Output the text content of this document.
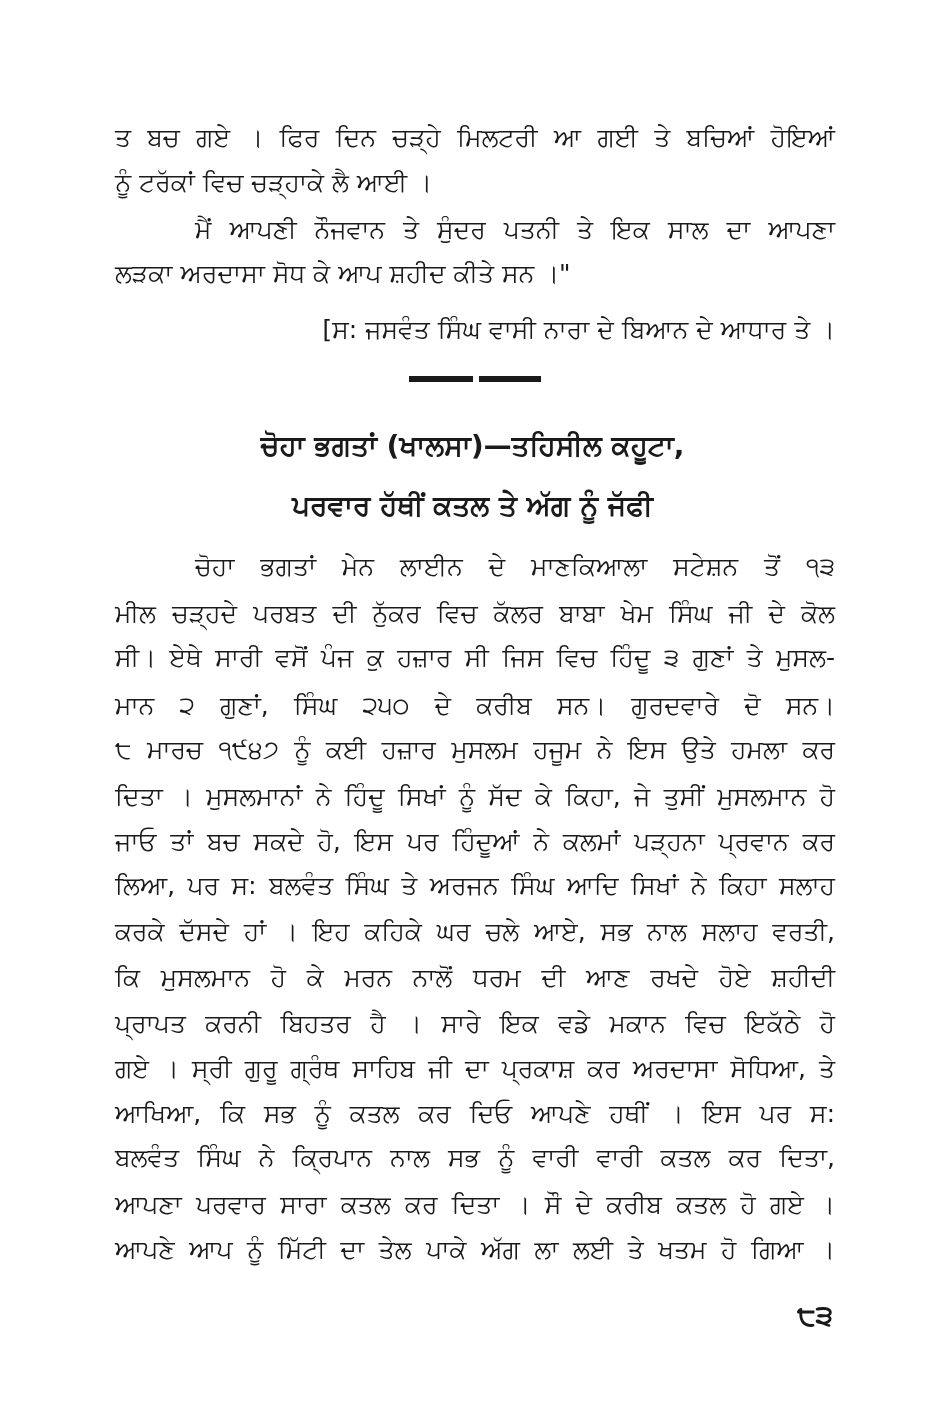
ਤ ਬਚ ਗਏ । ਫਿਰ ਦਿਨ ਚੜ੍ਹੇ ਮਿਲਟਰੀ ਆ ਗਈ ਤੇ ਬਚਿਆਂ ਹੋਇਆਂ
ਨੂੰ ਟਰੱਕਾਂ ਵਿਚ ਚੜ੍ਹਾਕੇ ਲੈ ਆਈ ।
ਮੈਂ ਆਪਣੀ ਨੌਜਵਾਨ ਤੇ ਸੁੰਦਰ ਪਤਨੀ ਤੇ ਇਕ ਸਾਲ ਦਾ ਆਪਣਾ
ਲੜਕਾ ਅਰਦਾਸਾ ਸੋਧ ਕੇ ਆਪ ਸ਼ਹੀਦ ਕੀਤੇ ਸਨ ।"
[ਸ: ਜਸਵੰਤ ਸਿੰਘ ਵਾਸੀ ਨਾਰਾ ਦੇ ਬਿਆਨ ਦੇ ਆਧਾਰ ਤੇ ।
ਚੋਹਾ ਭਗਤਾਂ (ਖਾਲਸਾ)—ਤਹਿਸੀਲ ਕਹੂਟਾ,
ਪਰਵਾਰ ਹੱਥੀਂ ਕਤਲ ਤੇ ਅੱਗ ਨੂੰ ਜੱਫੀ
ਚੋਹਾ ਭਗਤਾਂ ਮੇਨ ਲਾਈਨ ਦੇ ਮਾਣਕਿਆਲਾ ਸਟੇਸ਼ਨ ਤੋਂ ੧੩
ਮੀਲ ਚੜ੍ਹਦੇ ਪਰਬਤ ਦੀ ਨੁੱਕਰ ਵਿਚ ਕੱਲਰ ਬਾਬਾ ਖੇਮ ਸਿੰਘ ਜੀ ਦੇ ਕੋਲ
ਸੀ। ਏਥੇ ਸਾਰੀ ਵਸੋਂ ਪੰਜ ਕੁ ਹਜ਼ਾਰ ਸੀ ਜਿਸ ਵਿਚ ਹਿੰਦੂ ੩ ਗੁਣਾਂ ਤੇ ਮੁਸਲ-
ਮਾਨ ੨ ਗੁਣਾਂ, ਸਿੰਘ ੨੫੦ ਦੇ ਕਰੀਬ ਸਨ। ਗੁਰਦਵਾਰੇ ਦੋ ਸਨ।
੮ ਮਾਰਚ ੧੯੪੭ ਨੂੰ ਕਈ ਹਜ਼ਾਰ ਮੁਸਲਮ ਹਜੂਮ ਨੇ ਇਸ ਉਤੇ ਹਮਲਾ ਕਰ
ਦਿਤਾ । ਮੁਸਲਮਾਨਾਂ ਨੇ ਹਿੰਦੂ ਸਿਖਾਂ ਨੂੰ ਸੱਦ ਕੇ ਕਿਹਾ, ਜੇ ਤੁਸੀਂ ਮੁਸਲਮਾਨ ਹੋ
ਜਾਓ ਤਾਂ ਬਚ ਸਕਦੇ ਹੋ, ਇਸ ਪਰ ਹਿੰਦੂਆਂ ਨੇ ਕਲਮਾਂ ਪੜ੍ਹਨਾ ਪ੍ਰਵਾਨ ਕਰ
ਲਿਆ, ਪਰ ਸ: ਬਲਵੰਤ ਸਿੰਘ ਤੇ ਅਰਜਨ ਸਿੰਘ ਆਦਿ ਸਿਖਾਂ ਨੇ ਕਿਹਾ ਸਲਾਹ
ਕਰਕੇ ਦੱਸਦੇ ਹਾਂ । ਇਹ ਕਹਿਕੇ ਘਰ ਚਲੇ ਆਏ, ਸਭ ਨਾਲ ਸਲਾਹ ਵਰਤੀ,
ਕਿ ਮੁਸਲਮਾਨ ਹੋ ਕੇ ਮਰਨ ਨਾਲੋਂ ਧਰਮ ਦੀ ਆਣ ਰਖਦੇ ਹੋਏ ਸ਼ਹੀਦੀ
ਪ੍ਰਾਪਤ ਕਰਨੀ ਬਿਹਤਰ ਹੈ । ਸਾਰੇ ਇਕ ਵਡੇ ਮਕਾਨ ਵਿਚ ਇਕੱਠੇ ਹੋ
ਗਏ । ਸ੍ਰੀ ਗੁਰੂ ਗ੍ਰੰਥ ਸਾਹਿਬ ਜੀ ਦਾ ਪ੍ਰਕਾਸ਼ ਕਰ ਅਰਦਾਸਾ ਸੋਧਿਆ, ਤੇ
ਆਖਿਆ, ਕਿ ਸਭ ਨੂੰ ਕਤਲ ਕਰ ਦਿਓ ਆਪਣੇ ਹਥੀਂ । ਇਸ ਪਰ ਸ:
ਬਲਵੰਤ ਸਿੰਘ ਨੇ ਕ੍ਰਿਪਾਨ ਨਾਲ ਸਭ ਨੂੰ ਵਾਰੀ ਵਾਰੀ ਕਤਲ ਕਰ ਦਿਤਾ,
ਆਪਣਾ ਪਰਵਾਰ ਸਾਰਾ ਕਤਲ ਕਰ ਦਿਤਾ । ਸੌ ਦੇ ਕਰੀਬ ਕਤਲ ਹੋ ਗਏ ।
ਆਪਣੇ ਆਪ ਨੂੰ ਮਿੱਟੀ ਦਾ ਤੇਲ ਪਾਕੇ ਅੱਗ ਲਾ ਲਈ ਤੇ ਖਤਮ ਹੋ ਗਿਆ ।
੮੩
